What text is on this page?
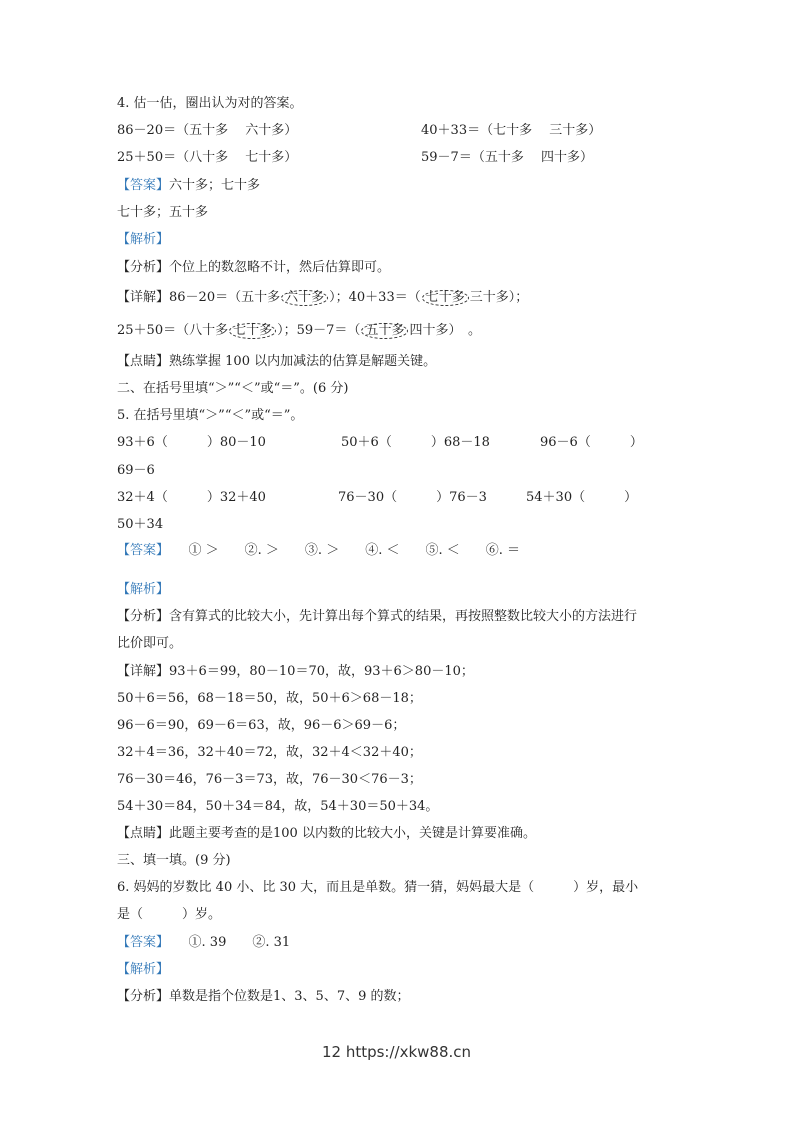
4. 估一估，圈出认为对的答案。
86－20＝（五十多　 六十多）	40＋33＝（七十多　 三十多）
25＋50＝（八十多　 七十多）	59－7＝（五十多　 四十多）
【答案】六十多；七十多
七十多；五十多
【解析】
【分析】个位上的数忽略不计，然后估算即可。
【详解】86－20＝（五十多 六十多 ）；40＋33＝（ 七十多 三十多）；
25＋50＝（八十多 七十多 ）；59－7＝（ 五十多 四十多）　。
【点睛】熟练掌握 100 以内加减法的估算是解题关键。
二、在括号里填“＞”“＜”或“＝”。(6 分)
5. 在括号里填“＞”“＜”或“＝”。
93＋6（　　　）80－10	50＋6（　　　）68－18	96－6（　　　）
69－6
32＋4（　　　）32＋40	76－30（　　　）76－3	54＋30（　　　）
50＋34
【答案】　　 ① ＞　　②. ＞　　③. ＞　　④. ＜　　⑤. ＜　　⑥. ＝
【解析】
【分析】含有算式的比较大小，先计算出每个算式的结果，再按照整数比较大小的方法进行
比价即可。
【详解】93＋6＝99，80－10＝70，故，93＋6＞80－10；
50＋6＝56，68－18＝50，故，50＋6＞68－18；
96－6＝90，69－6＝63，故，96－6＞69－6；
32＋4＝36，32＋40＝72，故，32＋4＜32＋40；
76－30＝46，76－3＝73，故，76－30＜76－3；
54＋30＝84，50＋34＝84，故，54＋30＝50＋34。
【点睛】此题主要考查的是100 以内数的比较大小，关键是计算要准确。
三、填一填。(9 分)
6. 妈妈的岁数比 40 小、比 30 大，而且是单数。猜一猜，妈妈最大是（　　　）岁，最小
是（　　　）岁。
【答案】　　 ①. 39　　②. 31
【解析】
【分析】单数是指个位数是1、3、5、7、9 的数；
12 https://xkw88.cn
